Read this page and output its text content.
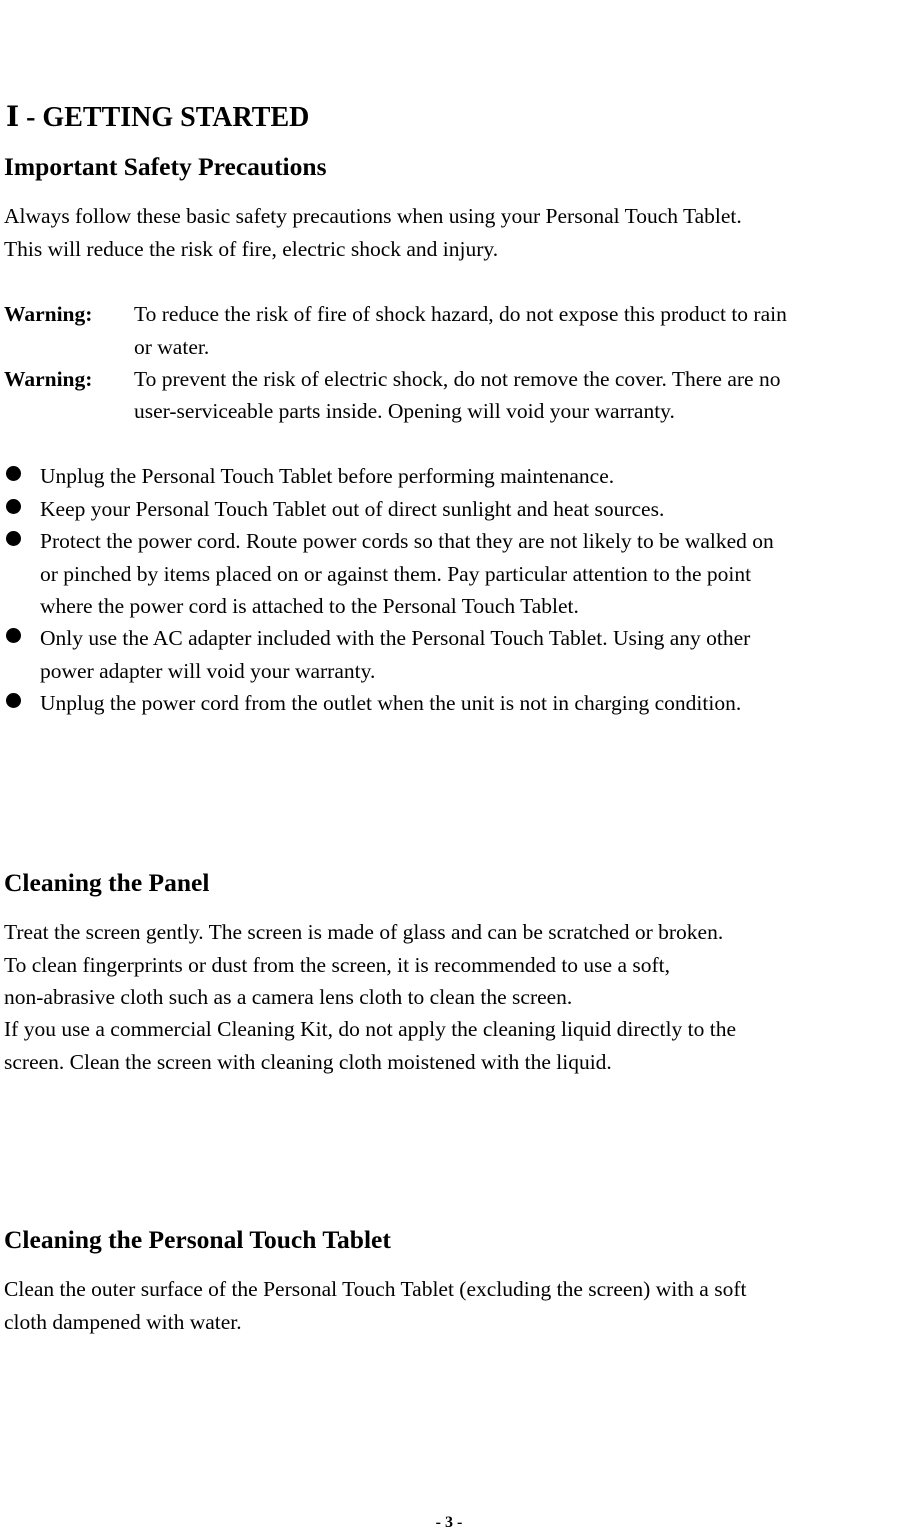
Ⅰ - GETTING STARTED
Important Safety Precautions
Always follow these basic safety precautions when using your Personal Touch Tablet.
This will reduce the risk of fire, electric shock and injury.
Warning: To reduce the risk of fire of shock hazard, do not expose this product to rain
or water.
Warning: To prevent the risk of electric shock, do not remove the cover. There are no
user-serviceable parts inside. Opening will void your warranty.
Unplug the Personal Touch Tablet before performing maintenance.
Keep your Personal Touch Tablet out of direct sunlight and heat sources.
Protect the power cord. Route power cords so that they are not likely to be walked on
or pinched by items placed on or against them. Pay particular attention to the point
where the power cord is attached to the Personal Touch Tablet.
Only use the AC adapter included with the Personal Touch Tablet. Using any other
power adapter will void your warranty.
Unplug the power cord from the outlet when the unit is not in charging condition.
Cleaning the Panel
Treat the screen gently. The screen is made of glass and can be scratched or broken.
To clean fingerprints or dust from the screen, it is recommended to use a soft,
non-abrasive cloth such as a camera lens cloth to clean the screen.
If you use a commercial Cleaning Kit, do not apply the cleaning liquid directly to the
screen. Clean the screen with cleaning cloth moistened with the liquid.
Cleaning the Personal Touch Tablet
Clean the outer surface of the Personal Touch Tablet (excluding the screen) with a soft
cloth dampened with water.
- 3 -
